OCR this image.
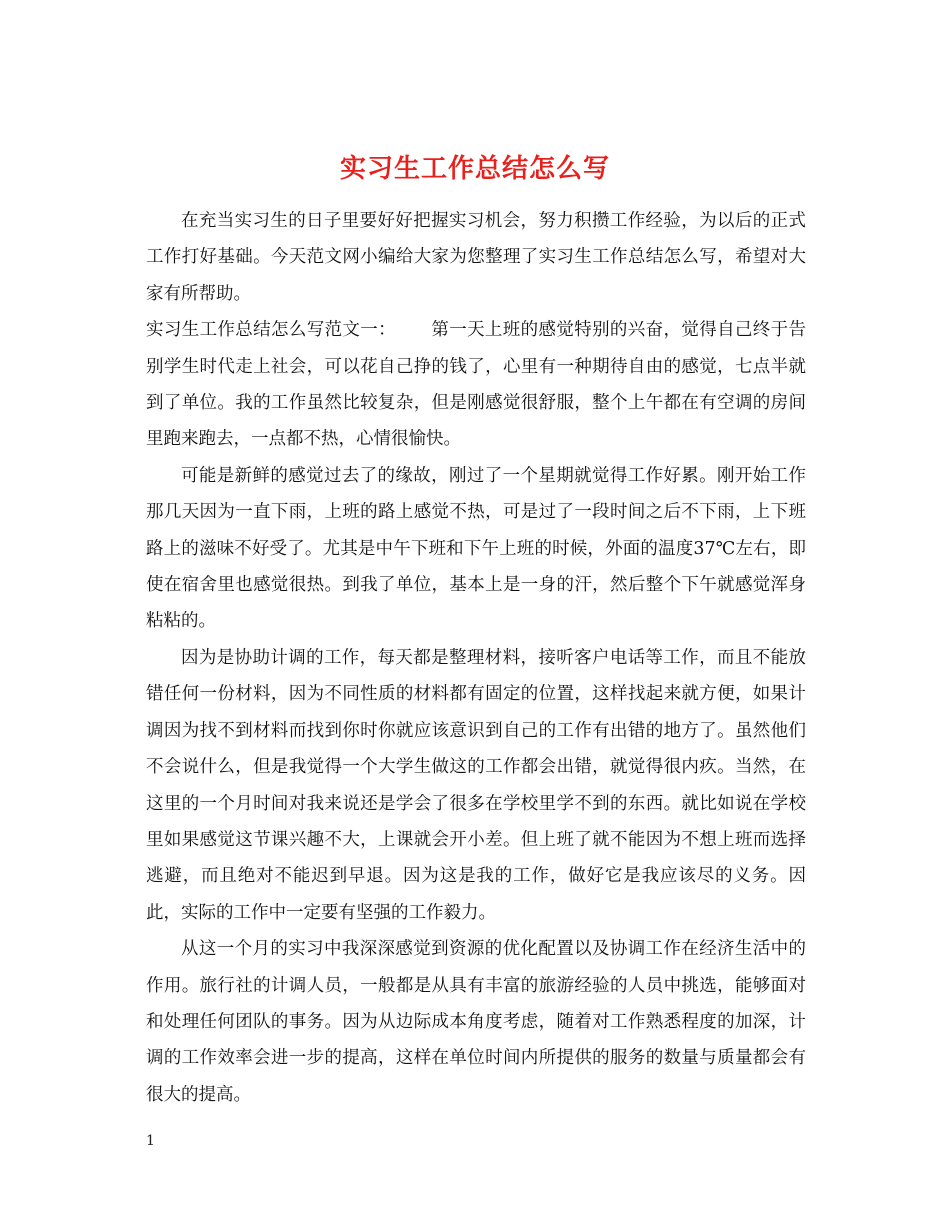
实习生工作总结怎么写

在充当实习生的日子里要好好把握实习机会，努力积攒工作经验，为以后的正式工作打好基础。今天范文网小编给大家为您整理了实习生工作总结怎么写，希望对大家有所帮助。

实习生工作总结怎么写范文一： 第一天上班的感觉特别的兴奋，觉得自己终于告别学生时代走上社会，可以花自己挣的钱了，心里有一种期待自由的感觉，七点半就到了单位。我的工作虽然比较复杂，但是刚感觉很舒服，整个上午都在有空调的房间里跑来跑去，一点都不热，心情很愉快。

可能是新鲜的感觉过去了的缘故，刚过了一个星期就觉得工作好累。刚开始工作那几天因为一直下雨，上班的路上感觉不热，可是过了一段时间之后不下雨，上下班路上的滋味不好受了。尤其是中午下班和下午上班的时候，外面的温度37℃左右，即使在宿舍里也感觉很热。到我了单位，基本上是一身的汗，然后整个下午就感觉浑身粘粘的。

因为是协助计调的工作，每天都是整理材料，接听客户电话等工作，而且不能放错任何一份材料，因为不同性质的材料都有固定的位置，这样找起来就方便，如果计调因为找不到材料而找到你时你就应该意识到自己的工作有出错的地方了。虽然他们不会说什么，但是我觉得一个大学生做这的工作都会出错，就觉得很内疚。当然，在这里的一个月时间对我来说还是学会了很多在学校里学不到的东西。就比如说在学校里如果感觉这节课兴趣不大，上课就会开小差。但上班了就不能因为不想上班而选择逃避，而且绝对不能迟到早退。因为这是我的工作，做好它是我应该尽的义务。因此，实际的工作中一定要有坚强的工作毅力。

从这一个月的实习中我深深感觉到资源的优化配置以及协调工作在经济生活中的作用。旅行社的计调人员，一般都是从具有丰富的旅游经验的人员中挑选，能够面对和处理任何团队的事务。因为从边际成本角度考虑，随着对工作熟悉程度的加深，计调的工作效率会进一步的提高，这样在单位时间内所提供的服务的数量与质量都会有很大的提高。

1
